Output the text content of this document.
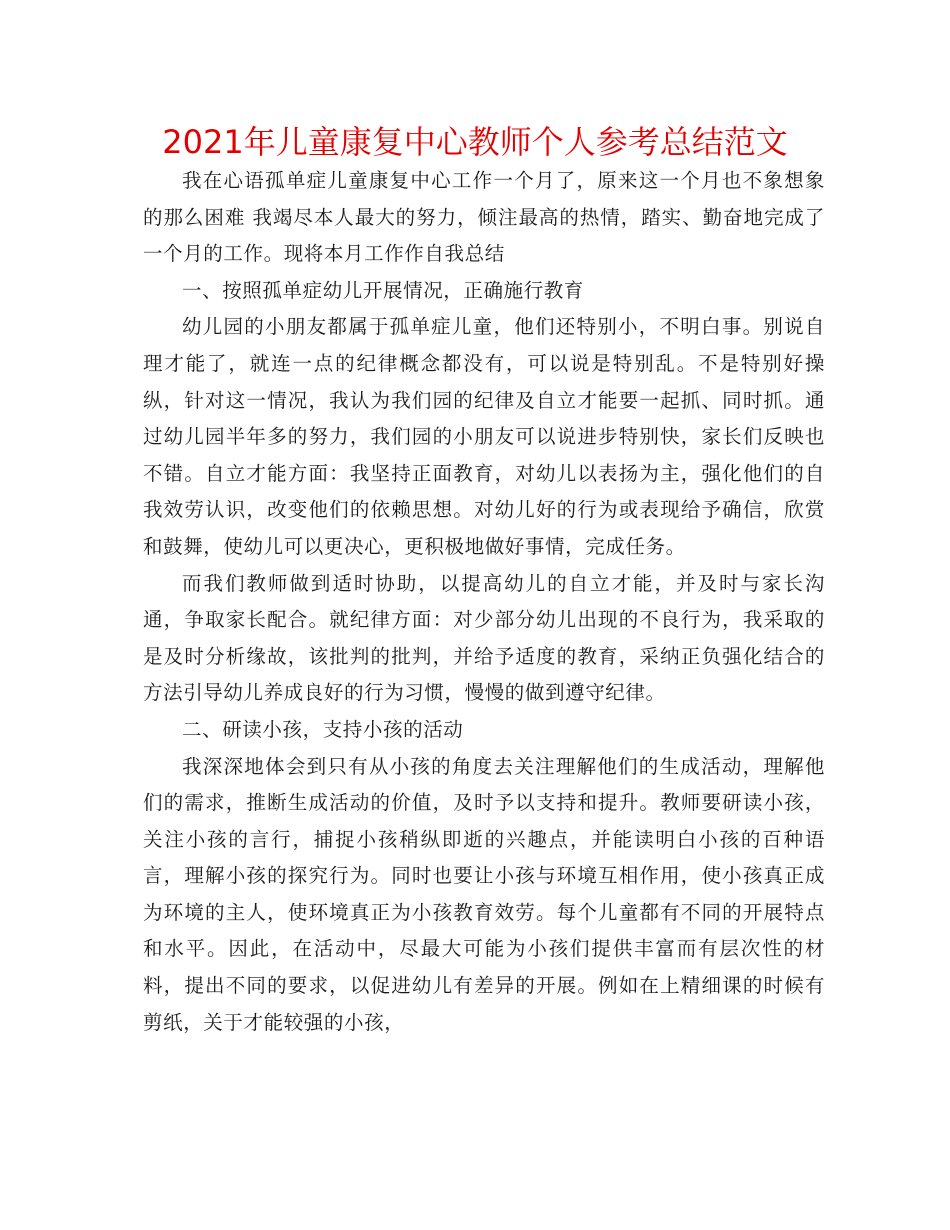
2021年儿童康复中心教师个人参考总结范文

我在心语孤单症儿童康复中心工作一个月了，原来这一个月也不象想象的那么困难 我竭尽本人最大的努力，倾注最高的热情，踏实、勤奋地完成了一个月的工作。现将本月工作作自我总结

一、按照孤单症幼儿开展情况，正确施行教育

幼儿园的小朋友都属于孤单症儿童，他们还特别小，不明白事。别说自理才能了，就连一点的纪律概念都没有，可以说是特别乱。不是特别好操纵，针对这一情况，我认为我们园的纪律及自立才能要一起抓、同时抓。通过幼儿园半年多的努力，我们园的小朋友可以说进步特别快，家长们反映也不错。自立才能方面：我坚持正面教育，对幼儿以表扬为主，强化他们的自我效劳认识，改变他们的依赖思想。对幼儿好的行为或表现给予确信，欣赏和鼓舞，使幼儿可以更决心，更积极地做好事情，完成任务。

而我们教师做到适时协助，以提高幼儿的自立才能，并及时与家长沟通，争取家长配合。就纪律方面：对少部分幼儿出现的不良行为，我采取的是及时分析缘故，该批判的批判，并给予适度的教育，采纳正负强化结合的方法引导幼儿养成良好的行为习惯，慢慢的做到遵守纪律。

二、研读小孩，支持小孩的活动

我深深地体会到只有从小孩的角度去关注理解他们的生成活动，理解他们的需求，推断生成活动的价值，及时予以支持和提升。教师要研读小孩，关注小孩的言行，捕捉小孩稍纵即逝的兴趣点，并能读明白小孩的百种语言，理解小孩的探究行为。同时也要让小孩与环境互相作用，使小孩真正成为环境的主人，使环境真正为小孩教育效劳。每个儿童都有不同的开展特点和水平。因此，在活动中，尽最大可能为小孩们提供丰富而有层次性的材料，提出不同的要求，以促进幼儿有差异的开展。例如在上精细课的时候有剪纸，关于才能较强的小孩，
